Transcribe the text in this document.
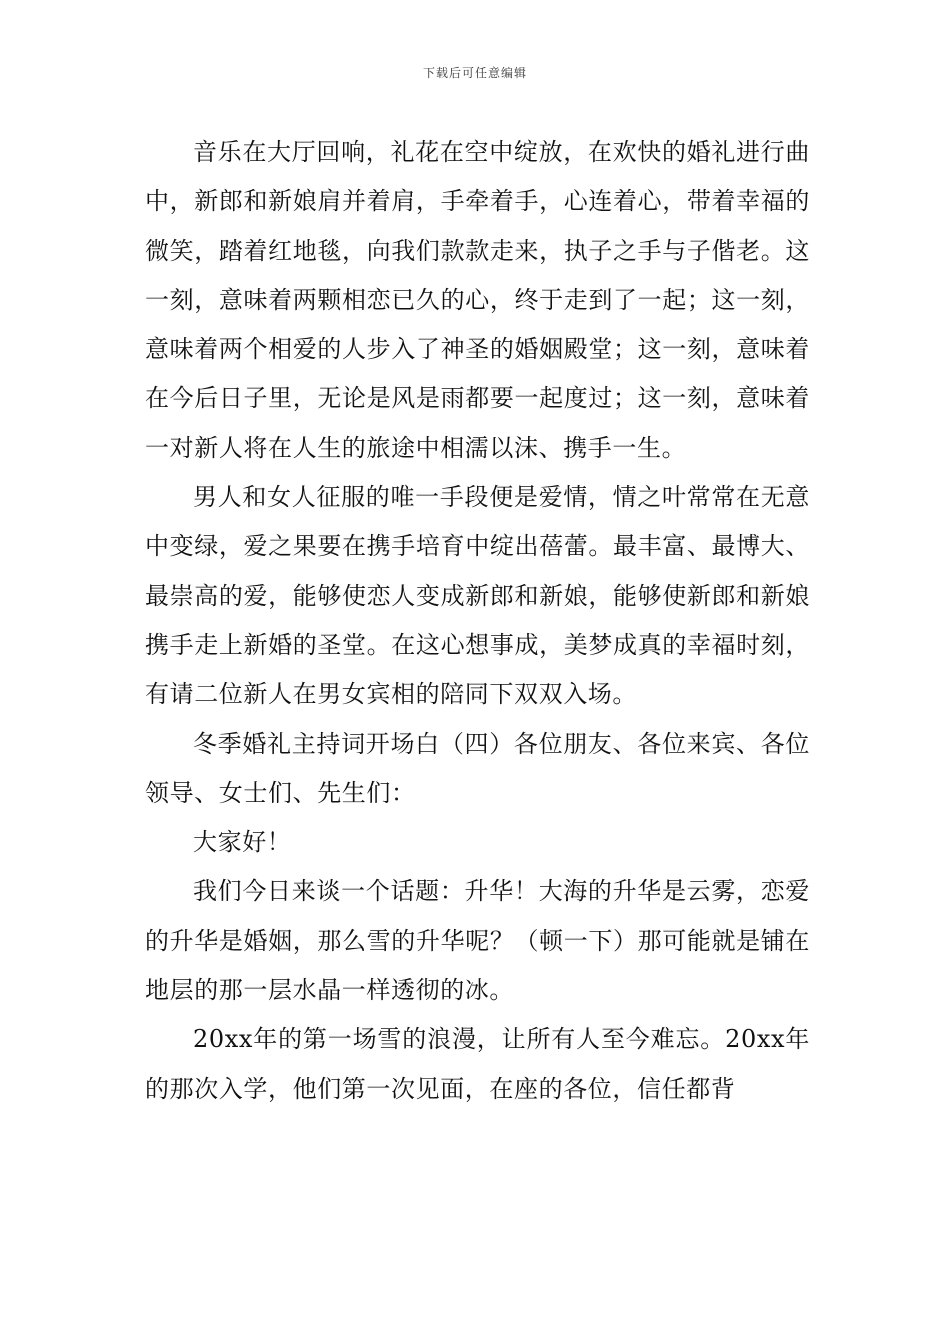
下载后可任意编辑

音乐在大厅回响，礼花在空中绽放，在欢快的婚礼进行曲中，新郎和新娘肩并着肩，手牵着手，心连着心，带着幸福的微笑，踏着红地毯，向我们款款走来，执子之手与子偕老。这一刻，意味着两颗相恋已久的心，终于走到了一起；这一刻，意味着两个相爱的人步入了神圣的婚姻殿堂；这一刻，意味着在今后日子里，无论是风是雨都要一起度过；这一刻，意味着一对新人将在人生的旅途中相濡以沫、携手一生。

男人和女人征服的唯一手段便是爱情，情之叶常常在无意中变绿，爱之果要在携手培育中绽出蓓蕾。最丰富、最博大、最崇高的爱，能够使恋人变成新郎和新娘，能够使新郎和新娘携手走上新婚的圣堂。在这心想事成，美梦成真的幸福时刻，有请二位新人在男女宾相的陪同下双双入场。

冬季婚礼主持词开场白（四）各位朋友、各位来宾、各位领导、女士们、先生们：

大家好！

我们今日来谈一个话题：升华！大海的升华是云雾，恋爱的升华是婚姻，那么雪的升华呢？（顿一下）那可能就是铺在地层的那一层水晶一样透彻的冰。

20xx年的第一场雪的浪漫，让所有人至今难忘。20xx年的那次入学，他们第一次见面，在座的各位，信任都背
